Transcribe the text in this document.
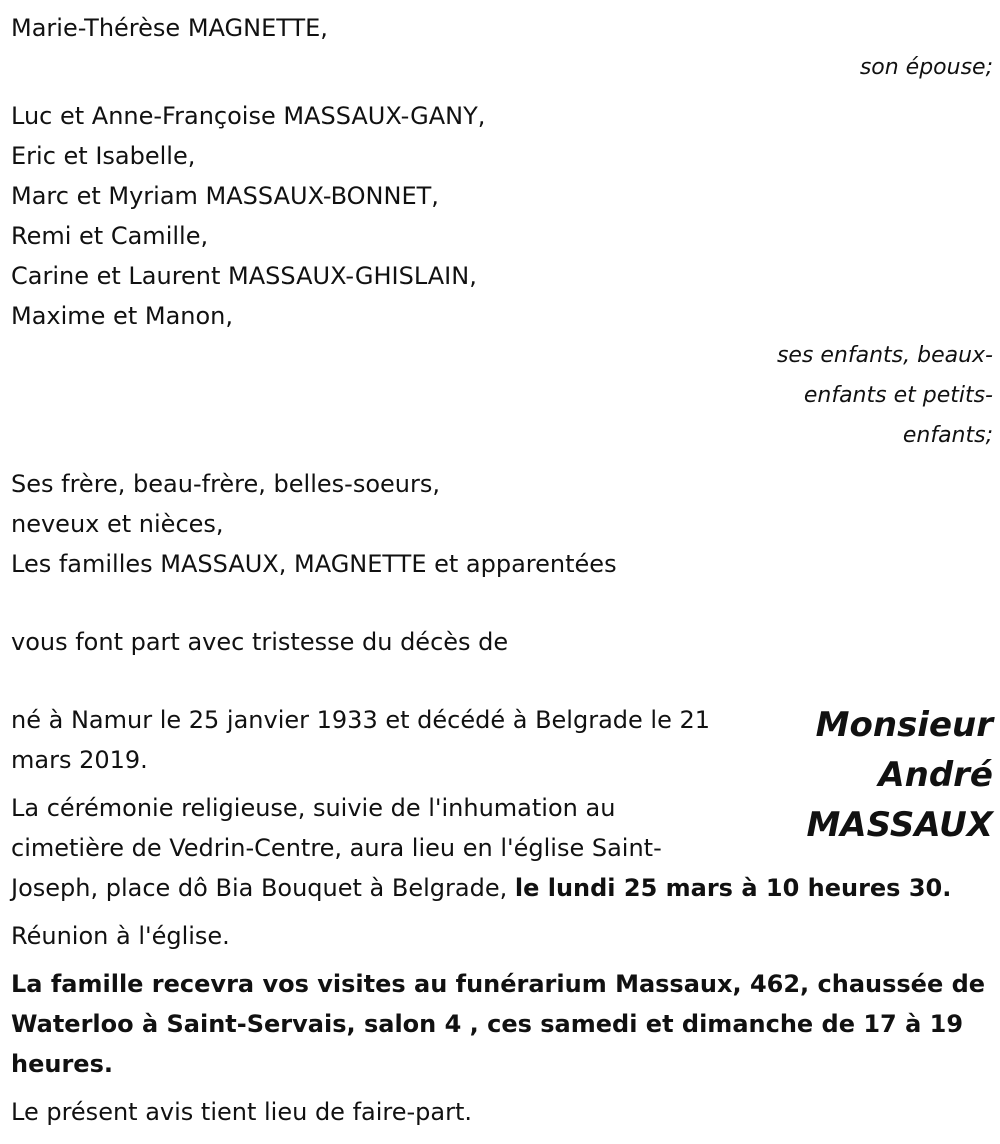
Marie-Thérèse MAGNETTE,
son épouse;
Luc et Anne-Françoise MASSAUX-GANY,
Eric et Isabelle,
Marc et Myriam MASSAUX-BONNET,
Remi et Camille,
Carine et Laurent MASSAUX-GHISLAIN,
Maxime et Manon,
ses enfants, beaux-
enfants et petits-
enfants;
Ses frère, beau-frère, belles-soeurs,
neveux et nièces,
Les familles MASSAUX, MAGNETTE et apparentées
vous font part avec tristesse du décès de
Monsieur
André
MASSAUX
né à Namur le 25 janvier 1933 et décédé à Belgrade le 21 mars 2019.
La cérémonie religieuse, suivie de l'inhumation au cimetière de Vedrin-Centre, aura lieu en l'église Saint-Joseph, place dô Bia Bouquet à Belgrade, le lundi 25 mars à 10 heures 30.
Réunion à l'église.
La famille recevra vos visites au funérarium Massaux, 462, chaussée de Waterloo à Saint-Servais, salon 4 , ces samedi et dimanche de 17 à 19 heures.
Le présent avis tient lieu de faire-part.
